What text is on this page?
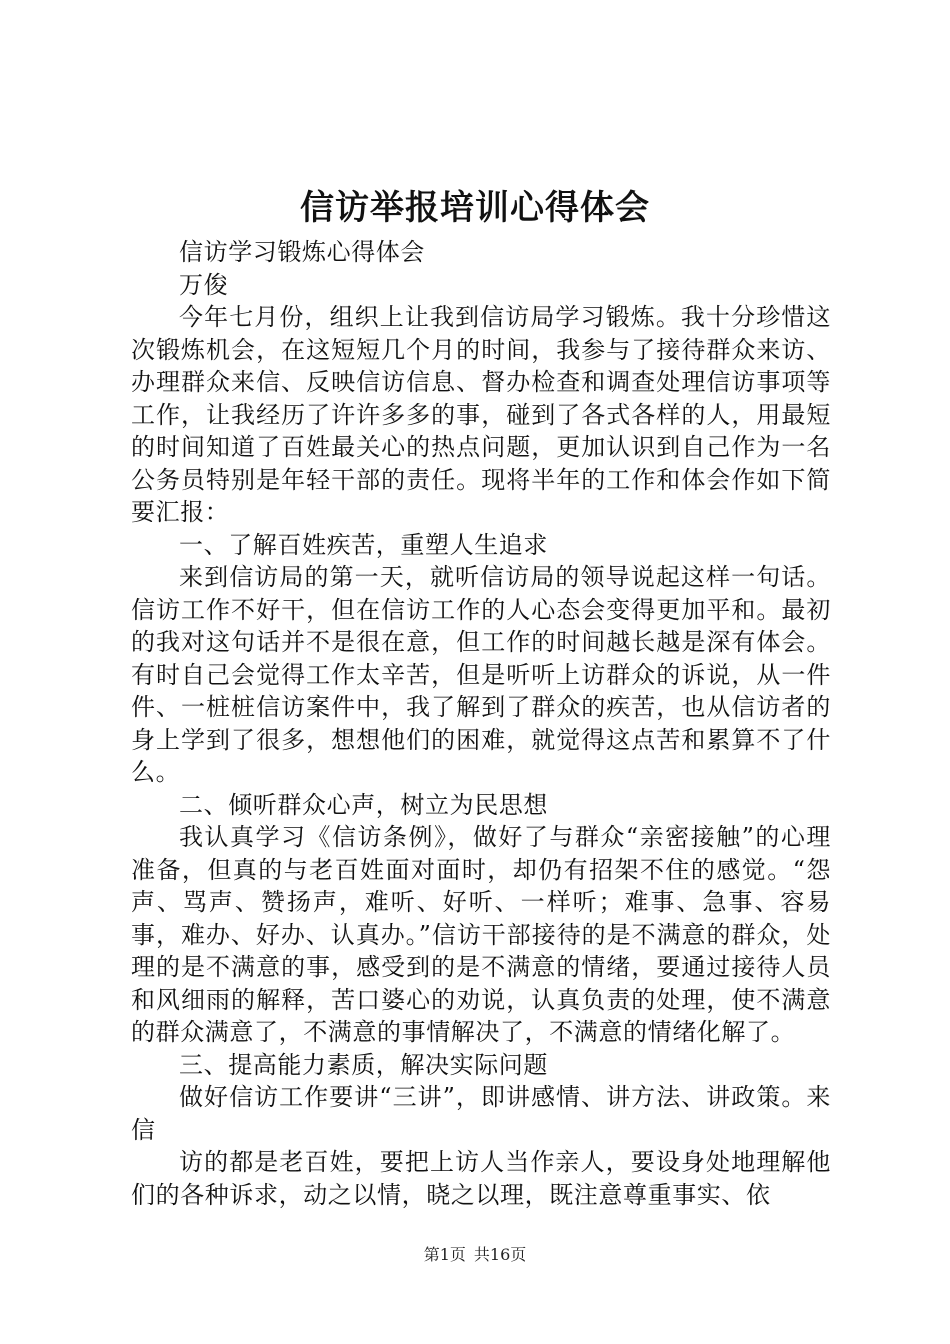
信访举报培训心得体会

信访学习锻炼心得体会

万俊

今年七月份，组织上让我到信访局学习锻炼。我十分珍惜这次锻炼机会，在这短短几个月的时间，我参与了接待群众来访、办理群众来信、反映信访信息、督办检查和调查处理信访事项等工作，让我经历了许许多多的事，碰到了各式各样的人，用最短的时间知道了百姓最关心的热点问题，更加认识到自己作为一名公务员特别是年轻干部的责任。现将半年的工作和体会作如下简要汇报：

一、了解百姓疾苦，重塑人生追求

来到信访局的第一天，就听信访局的领导说起这样一句话。信访工作不好干，但在信访工作的人心态会变得更加平和。最初的我对这句话并不是很在意，但工作的时间越长越是深有体会。有时自己会觉得工作太辛苦，但是听听上访群众的诉说，从一件件、一桩桩信访案件中，我了解到了群众的疾苦，也从信访者的身上学到了很多，想想他们的困难，就觉得这点苦和累算不了什么。

二、倾听群众心声，树立为民思想

我认真学习《信访条例》，做好了与群众“亲密接触”的心理准备，但真的与老百姓面对面时，却仍有招架不住的感觉。“怨声、骂声、赞扬声，难听、好听、一样听；难事、急事、容易事，难办、好办、认真办。”信访干部接待的是不满意的群众，处理的是不满意的事，感受到的是不满意的情绪，要通过接待人员和风细雨的解释，苦口婆心的劝说，认真负责的处理，使不满意的群众满意了，不满意的事情解决了，不满意的情绪化解了。

三、提高能力素质，解决实际问题

做好信访工作要讲“三讲”，即讲感情、讲方法、讲政策。来信

访的都是老百姓，要把上访人当作亲人，要设身处地理解他们的各种诉求，动之以情，晓之以理，既注意尊重事实、依

第1页 共16页
